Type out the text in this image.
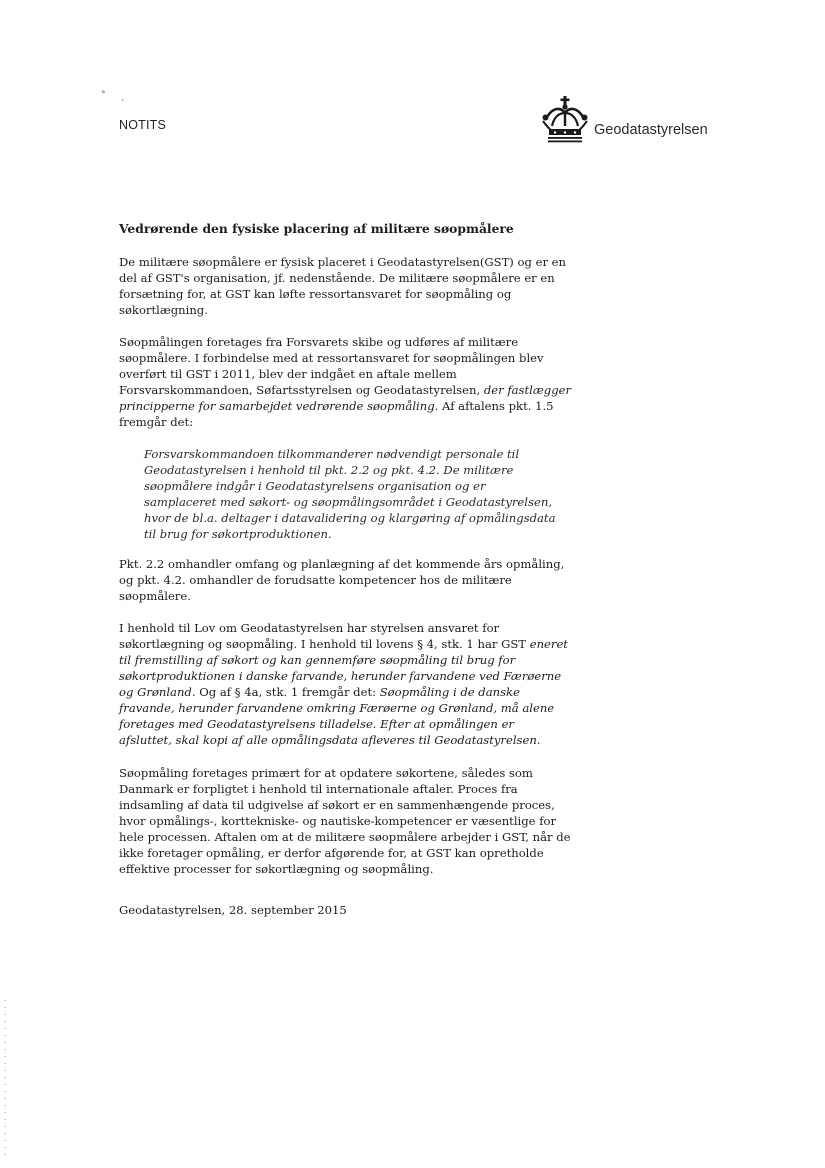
° ˏ
NOTITS	Geodatastyrelsen
Vedrørende den fysiske placering af militære søopmålere
De militære søopmålere er fysisk placeret i Geodatastyrelsen(GST) og er en
del af GST's organisation, jf. nedenstående. De militære søopmålere er en
forsætning for, at GST kan løfte ressortansvaret for søopmåling og
søkortlægning.
Søopmålingen foretages fra Forsvarets skibe og udføres af militære
søopmålere. I forbindelse med at ressortansvaret for søopmålingen blev
overført til GST i 2011, blev der indgået en aftale mellem
Forsvarskommandoen, Søfartsstyrelsen og Geodatastyrelsen, der fastlægger
principperne for samarbejdet vedrørende søopmåling. Af aftalens pkt. 1.5
fremgår det:
Forsvarskommandoen tilkommanderer nødvendigt personale til
Geodatastyrelsen i henhold til pkt. 2.2 og pkt. 4.2. De militære
søopmålere indgår i Geodatastyrelsens organisation og er
samplaceret med søkort- og søopmålingsområdet i Geodatastyrelsen,
hvor de bl.a. deltager i datavalidering og klargøring af opmålingsdata
til brug for søkortproduktionen.
Pkt. 2.2 omhandler omfang og planlægning af det kommende års opmåling,
og pkt. 4.2. omhandler de forudsatte kompetencer hos de militære
søopmålere.
I henhold til Lov om Geodatastyrelsen har styrelsen ansvaret for
søkortlægning og søopmåling. I henhold til lovens § 4, stk. 1 har GST eneret
til fremstilling af søkort og kan gennemføre søopmåling til brug for
søkortproduktionen i danske farvande, herunder farvandene ved Færøerne
og Grønland. Og af § 4a, stk. 1 fremgår det: Søopmåling i de danske
fravande, herunder farvandene omkring Færøerne og Grønland, må alene
foretages med Geodatastyrelsens tilladelse. Efter at opmålingen er
afsluttet, skal kopi af alle opmålingsdata afleveres til Geodatastyrelsen.
Søopmåling foretages primært for at opdatere søkortene, således som
Danmark er forpligtet i henhold til internationale aftaler. Proces fra
indsamling af data til udgivelse af søkort er en sammenhængende proces,
hvor opmålings-, korttekniske- og nautiske-kompetencer er væsentlige for
hele processen. Aftalen om at de militære søopmålere arbejder i GST, når de
ikke foretager opmåling, er derfor afgørende for, at GST kan opretholde
effektive processer for søkortlægning og søopmåling.
Geodatastyrelsen, 28. september 2015
